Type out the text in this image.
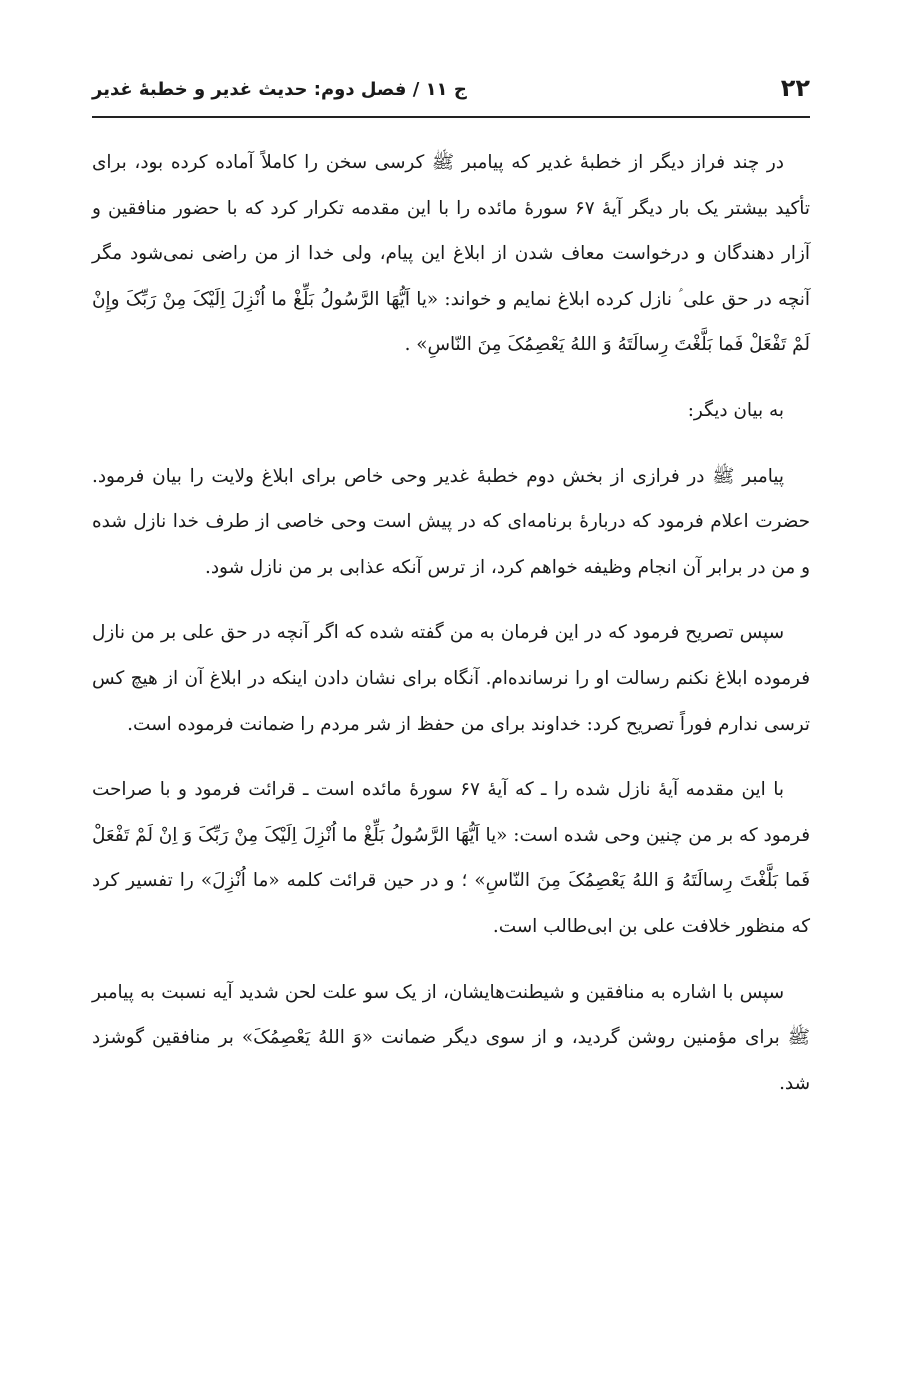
۲۲
ج ۱۱ / فصل دوم: حدیث غدیر و خطبهٔ غدیر

در چند فراز دیگر از خطبهٔ غدیر که پیامبر ﷺ کرسی سخن را کاملاً آماده کرده بود، برای تأکید بیشتر یک بار دیگر آیهٔ ۶۷ سورهٔ مائده را با این مقدمه تکرار کرد که با حضور منافقین و آزار دهندگان و درخواست معاف شدن از ابلاغ این پیام، ولی خدا از من راضی نمی‌شود مگر آنچه در حق علی ؑ نازل کرده ابلاغ نمایم و خواند: «یا اَیُّهَا الرَّسُولُ بَلِّغْ ما اُنْزِلَ اِلَیْکَ مِنْ رَبِّکَ وإِنْ لَمْ تَفْعَلْ فَما بَلَّغْتَ رِسالَتَهُ وَ اللهُ یَعْصِمُکَ مِنَ النّاسِ» .

به بیان دیگر:

پیامبر ﷺ در فرازی از بخش دوم خطبهٔ غدیر وحی خاص برای ابلاغ ولایت را بیان فرمود. حضرت اعلام فرمود که دربارهٔ برنامه‌ای که در پیش است وحی خاصی از طرف خدا نازل شده و من در برابر آن انجام وظیفه خواهم کرد، از ترس آنکه عذابی بر من نازل شود.

سپس تصریح فرمود که در این فرمان به من گفته شده که اگر آنچه در حق علی بر من نازل فرموده ابلاغ نکنم رسالت او را نرسانده‌ام. آنگاه برای نشان دادن اینکه در ابلاغ آن از هیچ کس ترسی ندارم فوراً تصریح کرد: خداوند برای من حفظ از شر مردم را ضمانت فرموده است.

با این مقدمه آیهٔ نازل شده را ـ که آیهٔ ۶۷ سورهٔ مائده است ـ قرائت فرمود و با صراحت فرمود که بر من چنین وحی شده است: «یا اَیُّهَا الرَّسُولُ بَلِّغْ ما اُنْزِلَ اِلَیْکَ مِنْ رَبِّکَ وَ اِنْ لَمْ تَفْعَلْ فَما بَلَّغْتَ رِسالَتَهُ وَ اللهُ یَعْصِمُکَ مِنَ النّاسِ» ؛ و در حین قرائت کلمه «ما اُنْزِلَ» را تفسیر کرد که منظور خلافت علی بن ابی‌طالب است.

سپس با اشاره به منافقین و شیطنت‌هایشان، از یک سو علت لحن شدید آیه نسبت به پیامبر ﷺ برای مؤمنین روشن گردید، و از سوی دیگر ضمانت «وَ اللهُ یَعْصِمُکَ» بر منافقین گوشزد شد.
